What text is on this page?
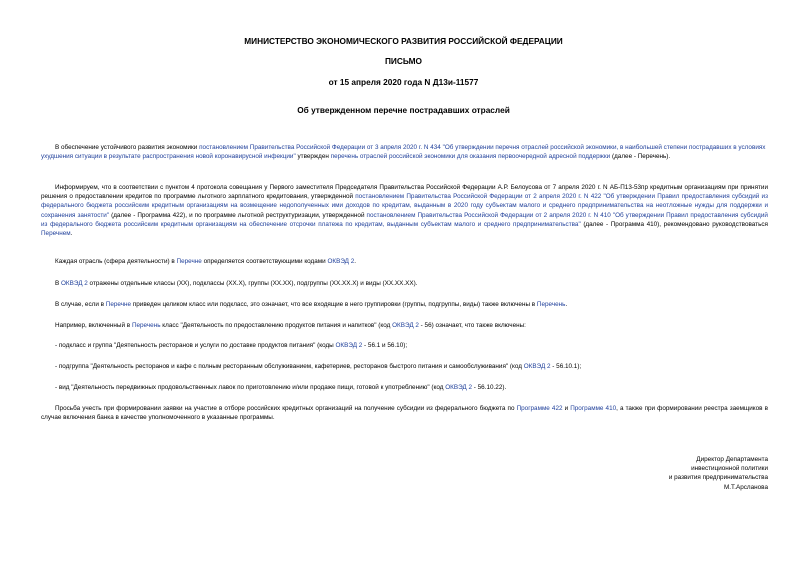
МИНИСТЕРСТВО ЭКОНОМИЧЕСКОГО РАЗВИТИЯ РОССИЙСКОЙ ФЕДЕРАЦИИ
ПИСЬМО
от 15 апреля 2020 года N Д13и-11577
Об утвержденном перечне пострадавших отраслей
В обеспечение устойчивого развития экономики постановлением Правительства Российской Федерации от 3 апреля 2020 г. N 434 "Об утверждении перечня отраслей российской экономики, в наибольшей степени пострадавших в условиях ухудшения ситуации в результате распространения новой коронавирусной инфекции" утвержден перечень отраслей российской экономики для оказания первоочередной адресной поддержки (далее - Перечень).
Информируем, что в соответствии с пунктом 4 протокола совещания у Первого заместителя Председателя Правительства Российской Федерации А.Р. Белоусова от 7 апреля 2020 г. N АБ-П13-53пр кредитным организациям при принятии решения о предоставлении кредитов по программе льготного зарплатного кредитования, утвержденной постановлением Правительства Российской Федерации от 2 апреля 2020 г. N 422 "Об утверждении Правил предоставления субсидий из федерального бюджета российским кредитным организациям на возмещение недополученных ими доходов по кредитам, выданным в 2020 году субъектам малого и среднего предпринимательства на неотложные нужды для поддержки и сохранения занятости" (далее - Программа 422), и по программе льготной реструктуризации, утвержденной постановлением Правительства Российской Федерации от 2 апреля 2020 г. N 410 "Об утверждении Правил предоставления субсидий из федерального бюджета российским кредитным организациям на обеспечение отсрочки платежа по кредитам, выданным субъектам малого и среднего предпринимательства" (далее - Программа 410), рекомендовано руководствоваться Перечнем.
Каждая отрасль (сфера деятельности) в Перечне определяется соответствующими кодами ОКВЭД 2.
В ОКВЭД 2 отражены отдельные классы (XX), подклассы (XX.X), группы (XX.XX), подгруппы (XX.XX.X) и виды (XX.XX.XX).
В случае, если в Перечне приведен целиком класс или подкласс, это означает, что все входящие в него группировки (группы, подгруппы, виды) также включены в Перечень.
Например, включенный в Перечень класс "Деятельность по предоставлению продуктов питания и напитков" (код ОКВЭД 2 - 56) означает, что также включены:
- подкласс и группа "Деятельность ресторанов и услуги по доставке продуктов питания" (коды ОКВЭД 2 - 56.1 и 56.10);
- подгруппа "Деятельность ресторанов и кафе с полным ресторанным обслуживанием, кафетериев, ресторанов быстрого питания и самообслуживания" (код ОКВЭД 2 - 56.10.1);
- вид "Деятельность передвижных продовольственных лавок по приготовлению и/или продаже пищи, готовой к употреблению" (код ОКВЭД 2 - 56.10.22).
Просьба учесть при формировании заявки на участие в отборе российских кредитных организаций на получение субсидии из федерального бюджета по Программе 422 и Программе 410, а также при формировании реестра заемщиков в случае включения банка в качестве уполномоченного в указанные программы.
Директор Департамента
инвестиционной политики
и развития предпринимательства
М.Т.Арсланова
